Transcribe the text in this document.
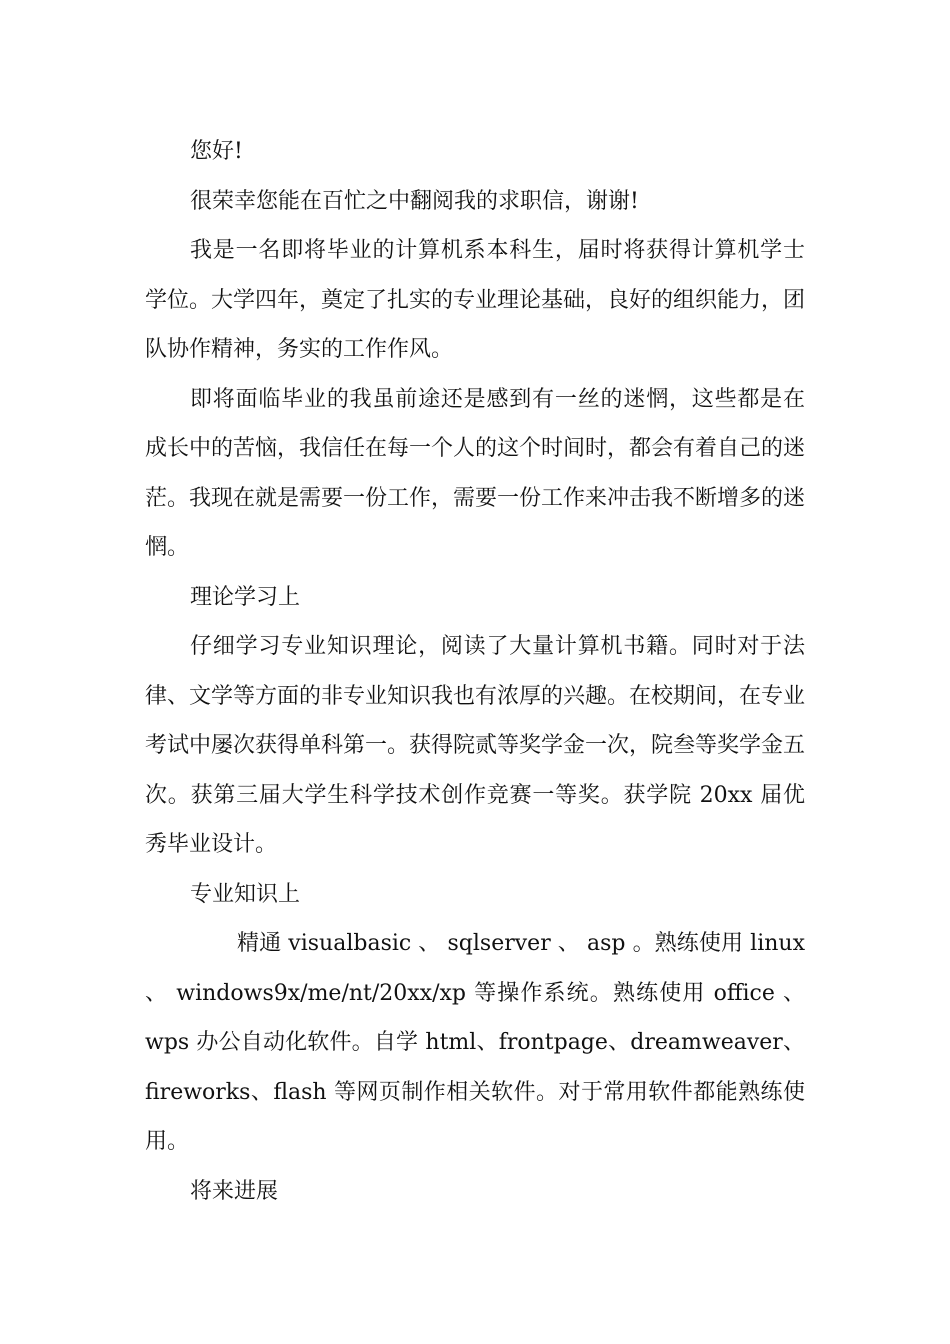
您好!

很荣幸您能在百忙之中翻阅我的求职信，谢谢!

我是一名即将毕业的计算机系本科生，届时将获得计算机学士学位。大学四年，奠定了扎实的专业理论基础，良好的组织能力，团队协作精神，务实的工作作风。

即将面临毕业的我虽前途还是感到有一丝的迷惘，这些都是在成长中的苦恼，我信任在每一个人的这个时间时，都会有着自己的迷茫。我现在就是需要一份工作，需要一份工作来冲击我不断增多的迷惘。

理论学习上

仔细学习专业知识理论，阅读了大量计算机书籍。同时对于法律、文学等方面的非专业知识我也有浓厚的兴趣。在校期间，在专业考试中屡次获得单科第一。获得院贰等奖学金一次，院叁等奖学金五次。获第三届大学生科学技术创作竞赛一等奖。获学院 20xx 届优秀毕业设计。

专业知识上

精通 visualbasic 、 sqlserver 、 asp 。熟练使用 linux 、 windows9x/me/nt/20xx/xp 等操作系统。熟练使用 office 、 wps 办公自动化软件。自学 html、frontpage、dreamweaver、fireworks、flash 等网页制作相关软件。对于常用软件都能熟练使用。

将来进展
